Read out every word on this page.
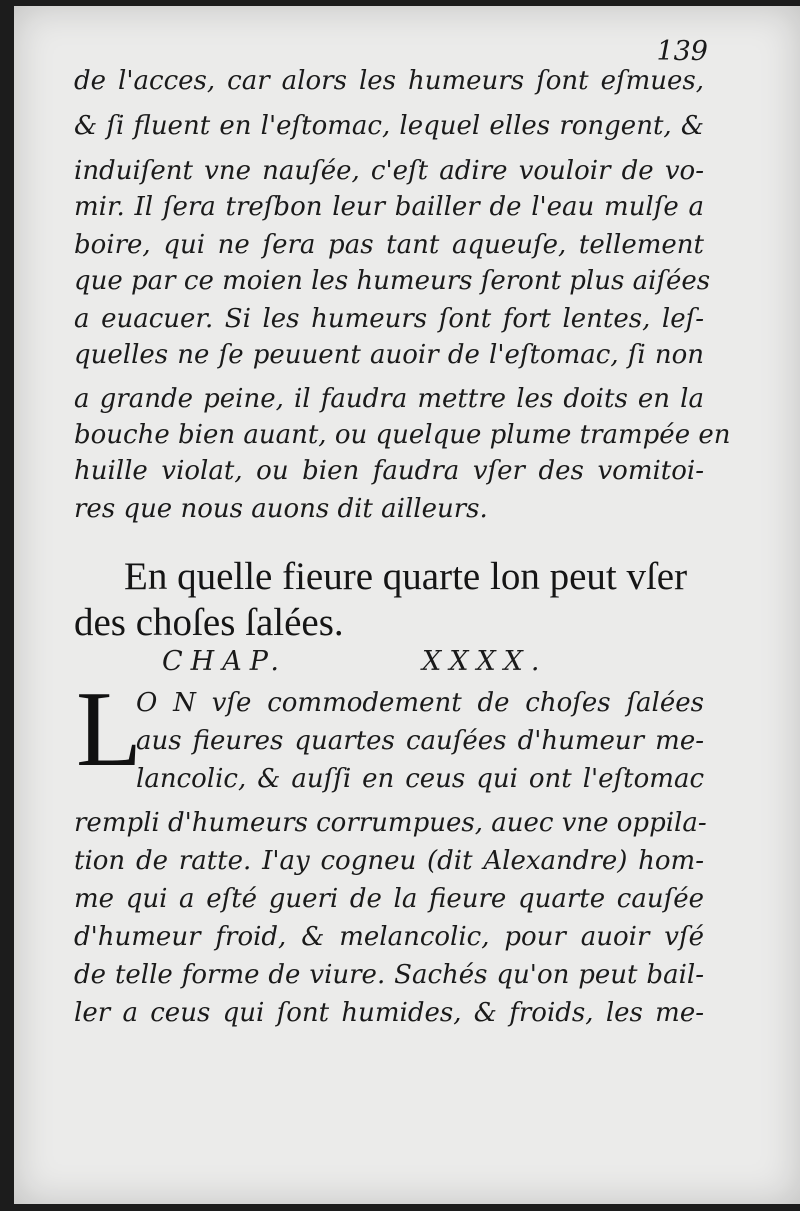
139
de l'acces, car alors les humeurs ſont eſmues,
& ſi fluent en l'eſtomac, lequel elles rongent, &
induiſent vne nauſée, c'eſt adire vouloir de vo-
mir. Il ſera treſbon leur bailler de l'eau mulſe a
boire, qui ne ſera pas tant aqueuſe, tellement
que par ce moien les humeurs ſeront plus aiſées
a euacuer. Si les humeurs ſont fort lentes, leſ-
quelles ne ſe peuuent auoir de l'eſtomac, ſi non
a grande peine, il faudra mettre les doits en la
bouche bien auant, ou quelque plume trampée en
huille violat, ou bien faudra vſer des vomitoi-
res que nous auons dit ailleurs.
En quelle fieure quarte lon peut vſer
des choſes ſalées.
CHAP.	XXXX.
L
O N vſe commodement de choſes ſalées
aus fieures quartes cauſées d'humeur me-
lancolic, & auſſi en ceus qui ont l'eſtomac
rempli d'humeurs corrumpues, auec vne oppila-
tion de ratte. I'ay cogneu (dit Alexandre) hom-
me qui a eſté gueri de la fieure quarte cauſée
d'humeur froid, & melancolic, pour auoir vſé
de telle forme de viure. Sachés qu'on peut bail-
ler a ceus qui ſont humides, & froids, les me-
